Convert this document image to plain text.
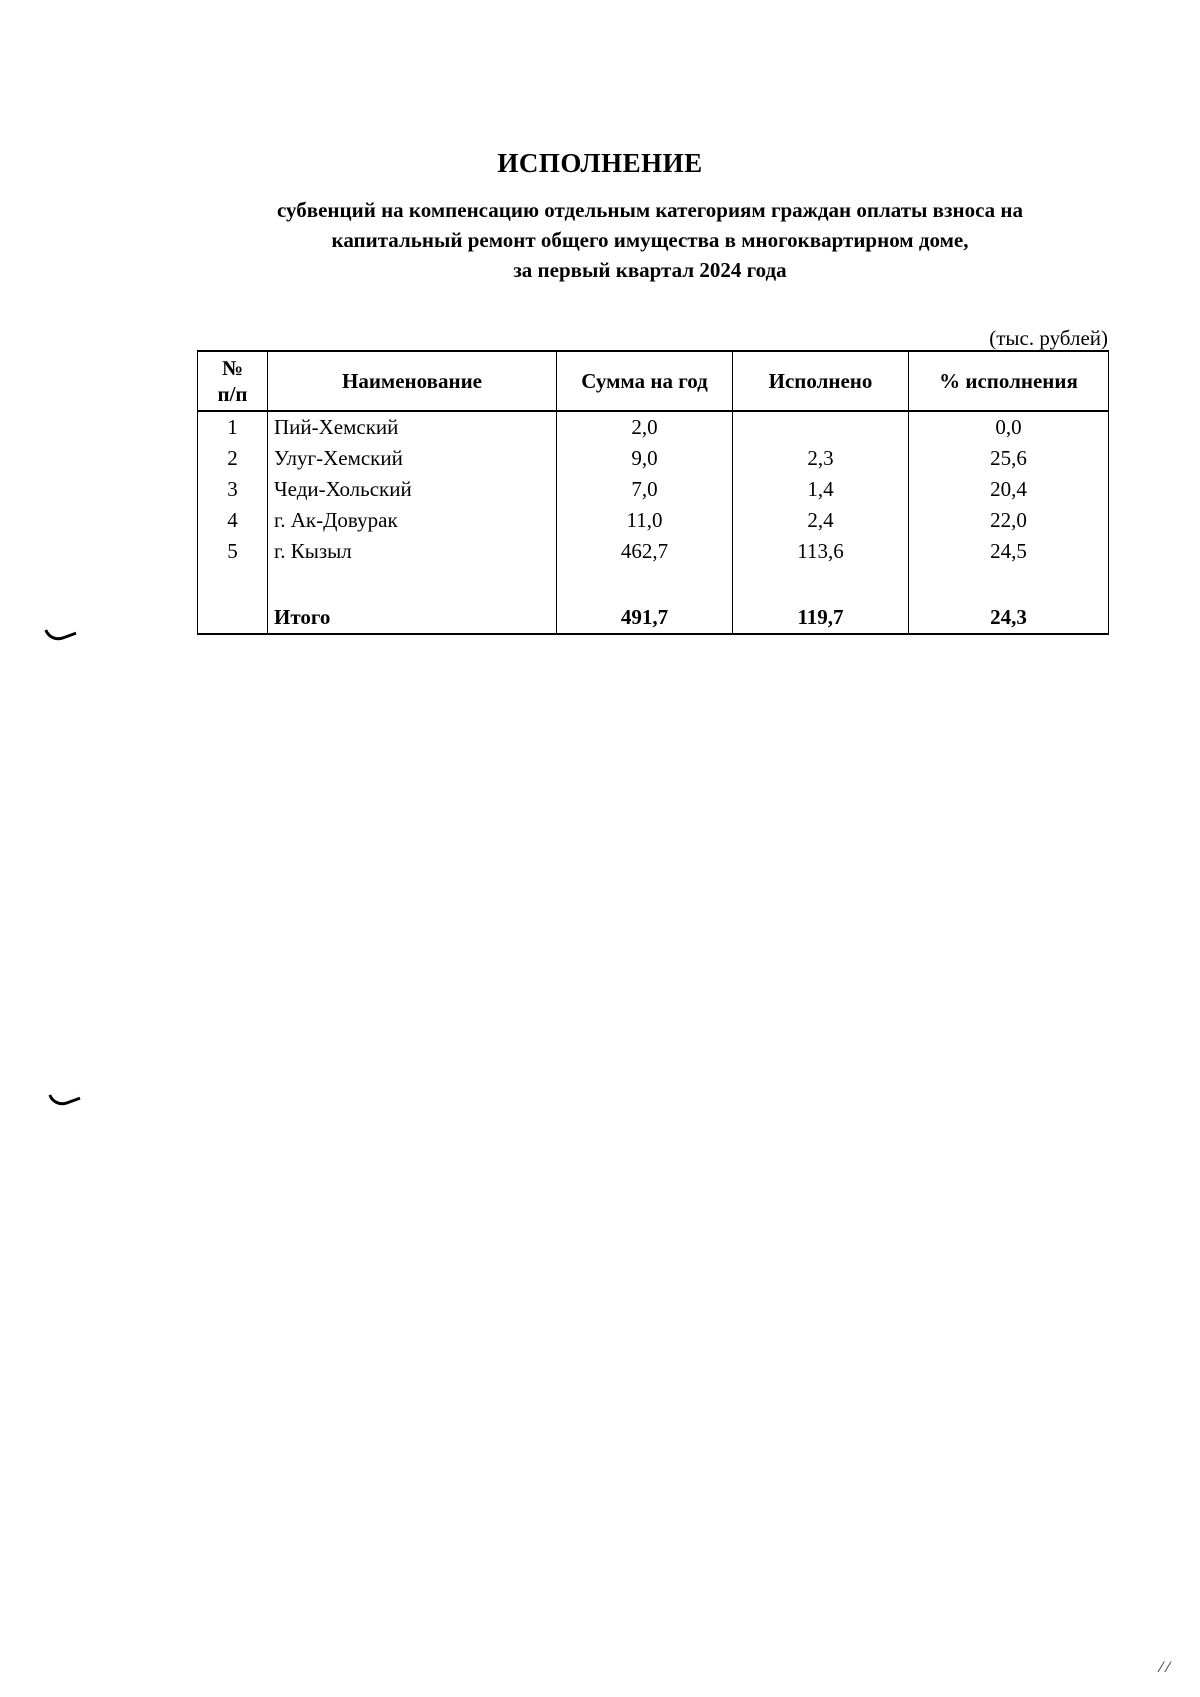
ИСПОЛНЕНИЕ
субвенций на компенсацию отдельным категориям граждан оплаты взноса на
капитальный ремонт общего имущества в многоквартирном доме,
за первый квартал 2024 года
(тыс. рублей)
№
п/п	Наименование	Сумма на год	Исполнено	% исполнения
1	Пий-Хемский	2,0		0,0
2	Улуг-Хемский	9,0	2,3	25,6
3	Чеди-Хольский	7,0	1,4	20,4
4	г. Ак-Довурак	11,0	2,4	22,0
5	г. Кызыл	462,7	113,6	24,5

	Итого	491,7	119,7	24,3
⁄ ⁄
